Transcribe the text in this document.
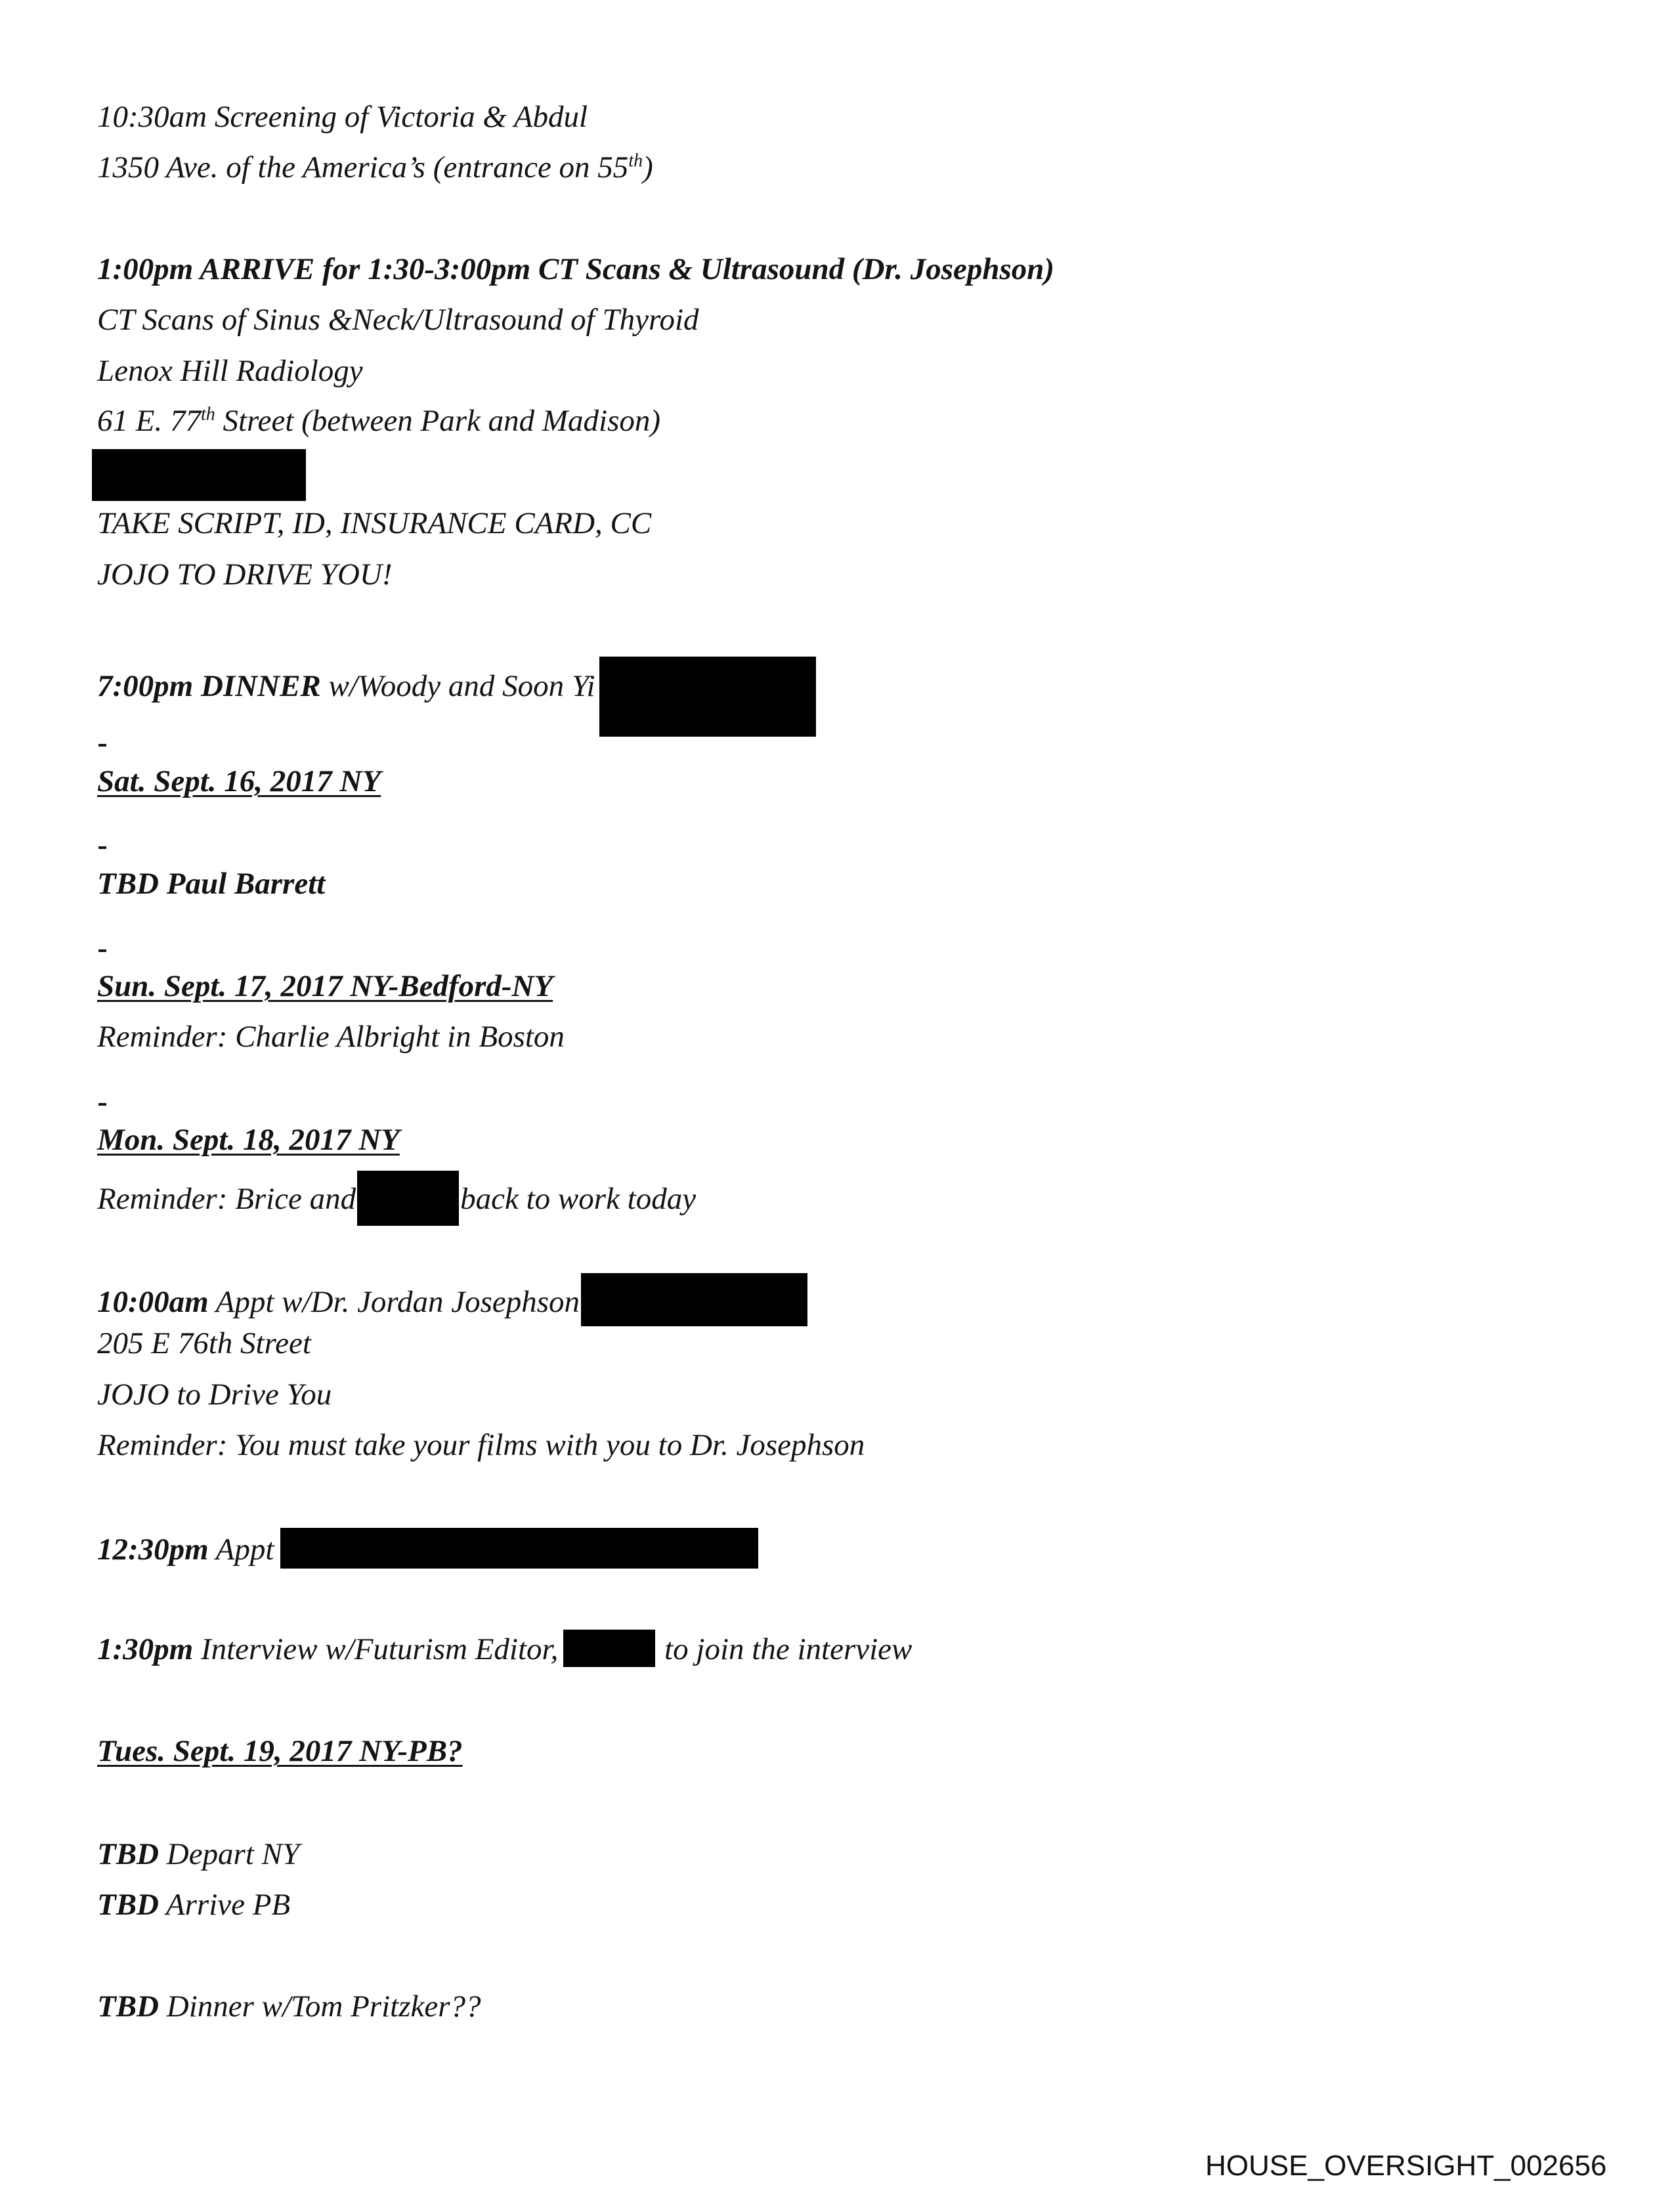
10:30am Screening of Victoria & Abdul
1350 Ave. of the America’s (entrance on 55th)
1:00pm ARRIVE for 1:30-3:00pm CT Scans & Ultrasound (Dr. Josephson)
CT Scans of Sinus &Neck/Ultrasound of Thyroid
Lenox Hill Radiology
61 E. 77th Street (between Park and Madison)
TAKE SCRIPT, ID, INSURANCE CARD, CC
JOJO TO DRIVE YOU!
7:00pm DINNER w/Woody and Soon Yi
Sat. Sept. 16, 2017 NY
TBD Paul Barrett
Sun. Sept. 17, 2017 NY-Bedford-NY
Reminder: Charlie Albright in Boston
Mon. Sept. 18, 2017 NY
Reminder: Brice and	back to work today
10:00am Appt w/Dr. Jordan Josephson
205 E 76th Street
JOJO to Drive You
Reminder: You must take your films with you to Dr. Josephson
12:30pm Appt
1:30pm Interview w/Futurism Editor,	to join the interview
Tues. Sept. 19, 2017 NY-PB?
TBD Depart NY
TBD Arrive PB
TBD Dinner w/Tom Pritzker??
HOUSE_OVERSIGHT_002656
